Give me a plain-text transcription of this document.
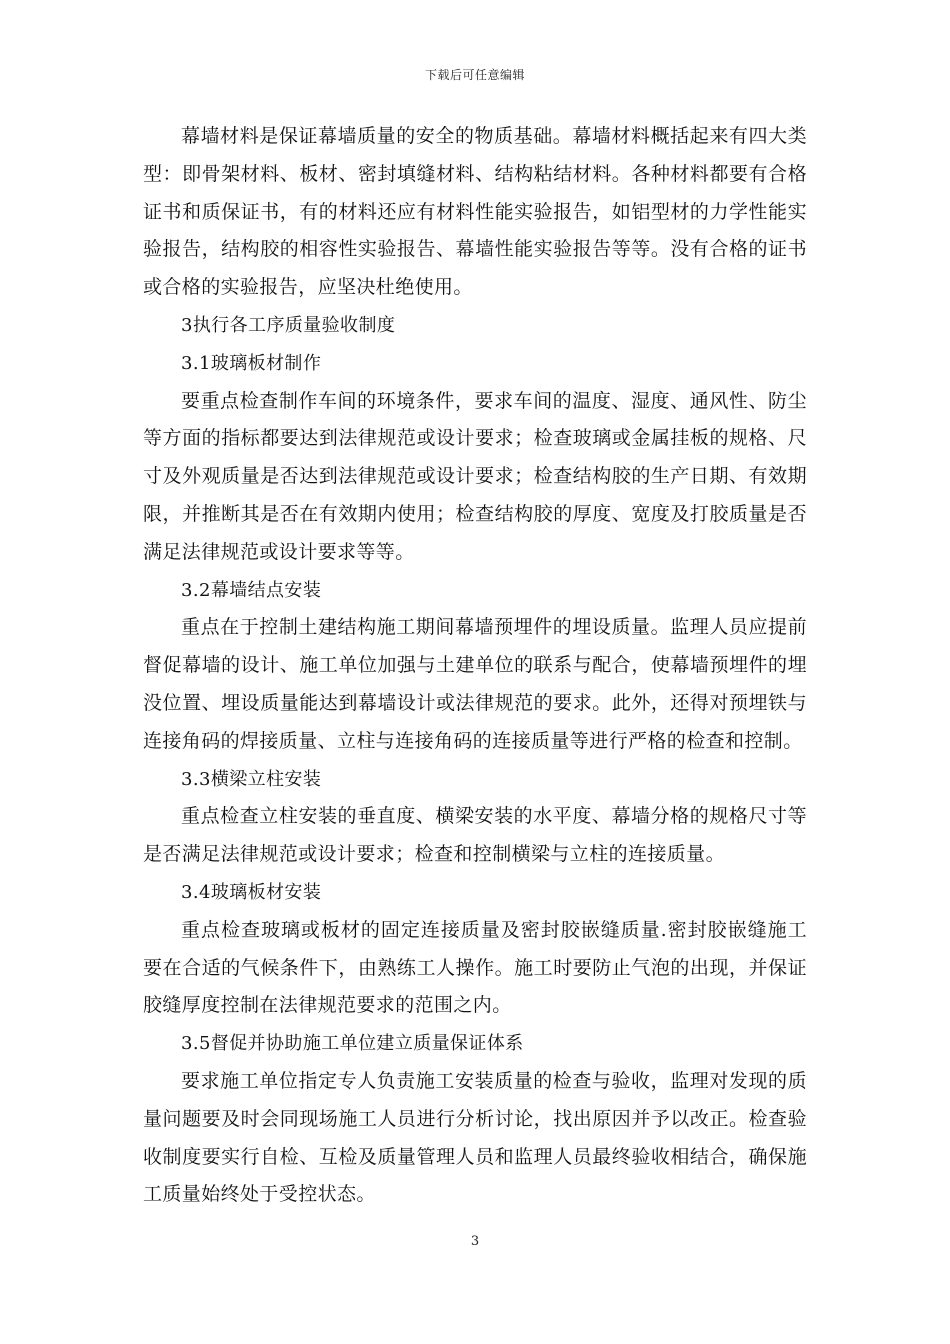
下载后可任意编辑

幕墙材料是保证幕墙质量的安全的物质基础。幕墙材料概括起来有四大类型：即骨架材料、板材、密封填缝材料、结构粘结材料。各种材料都要有合格证书和质保证书，有的材料还应有材料性能实验报告，如铝型材的力学性能实验报告，结构胶的相容性实验报告、幕墙性能实验报告等等。没有合格的证书或合格的实验报告，应坚决杜绝使用。

3执行各工序质量验收制度

3.1玻璃板材制作

要重点检查制作车间的环境条件，要求车间的温度、湿度、通风性、防尘等方面的指标都要达到法律规范或设计要求；检查玻璃或金属挂板的规格、尺寸及外观质量是否达到法律规范或设计要求；检查结构胶的生产日期、有效期限，并推断其是否在有效期内使用；检查结构胶的厚度、宽度及打胶质量是否满足法律规范或设计要求等等。

3.2幕墙结点安装

重点在于控制土建结构施工期间幕墙预埋件的埋设质量。监理人员应提前督促幕墙的设计、施工单位加强与土建单位的联系与配合，使幕墙预埋件的埋没位置、埋设质量能达到幕墙设计或法律规范的要求。此外，还得对预埋铁与连接角码的焊接质量、立柱与连接角码的连接质量等进行严格的检查和控制。

3.3横梁立柱安装

重点检查立柱安装的垂直度、横梁安装的水平度、幕墙分格的规格尺寸等是否满足法律规范或设计要求；检查和控制横梁与立柱的连接质量。

3.4玻璃板材安装

重点检查玻璃或板材的固定连接质量及密封胶嵌缝质量.密封胶嵌缝施工要在合适的气候条件下，由熟练工人操作。施工时要防止气泡的出现，并保证胶缝厚度控制在法律规范要求的范围之内。

3.5督促并协助施工单位建立质量保证体系

要求施工单位指定专人负责施工安装质量的检查与验收，监理对发现的质量问题要及时会同现场施工人员进行分析讨论，找出原因并予以改正。检查验收制度要实行自检、互检及质量管理人员和监理人员最终验收相结合，确保施工质量始终处于受控状态。

3
